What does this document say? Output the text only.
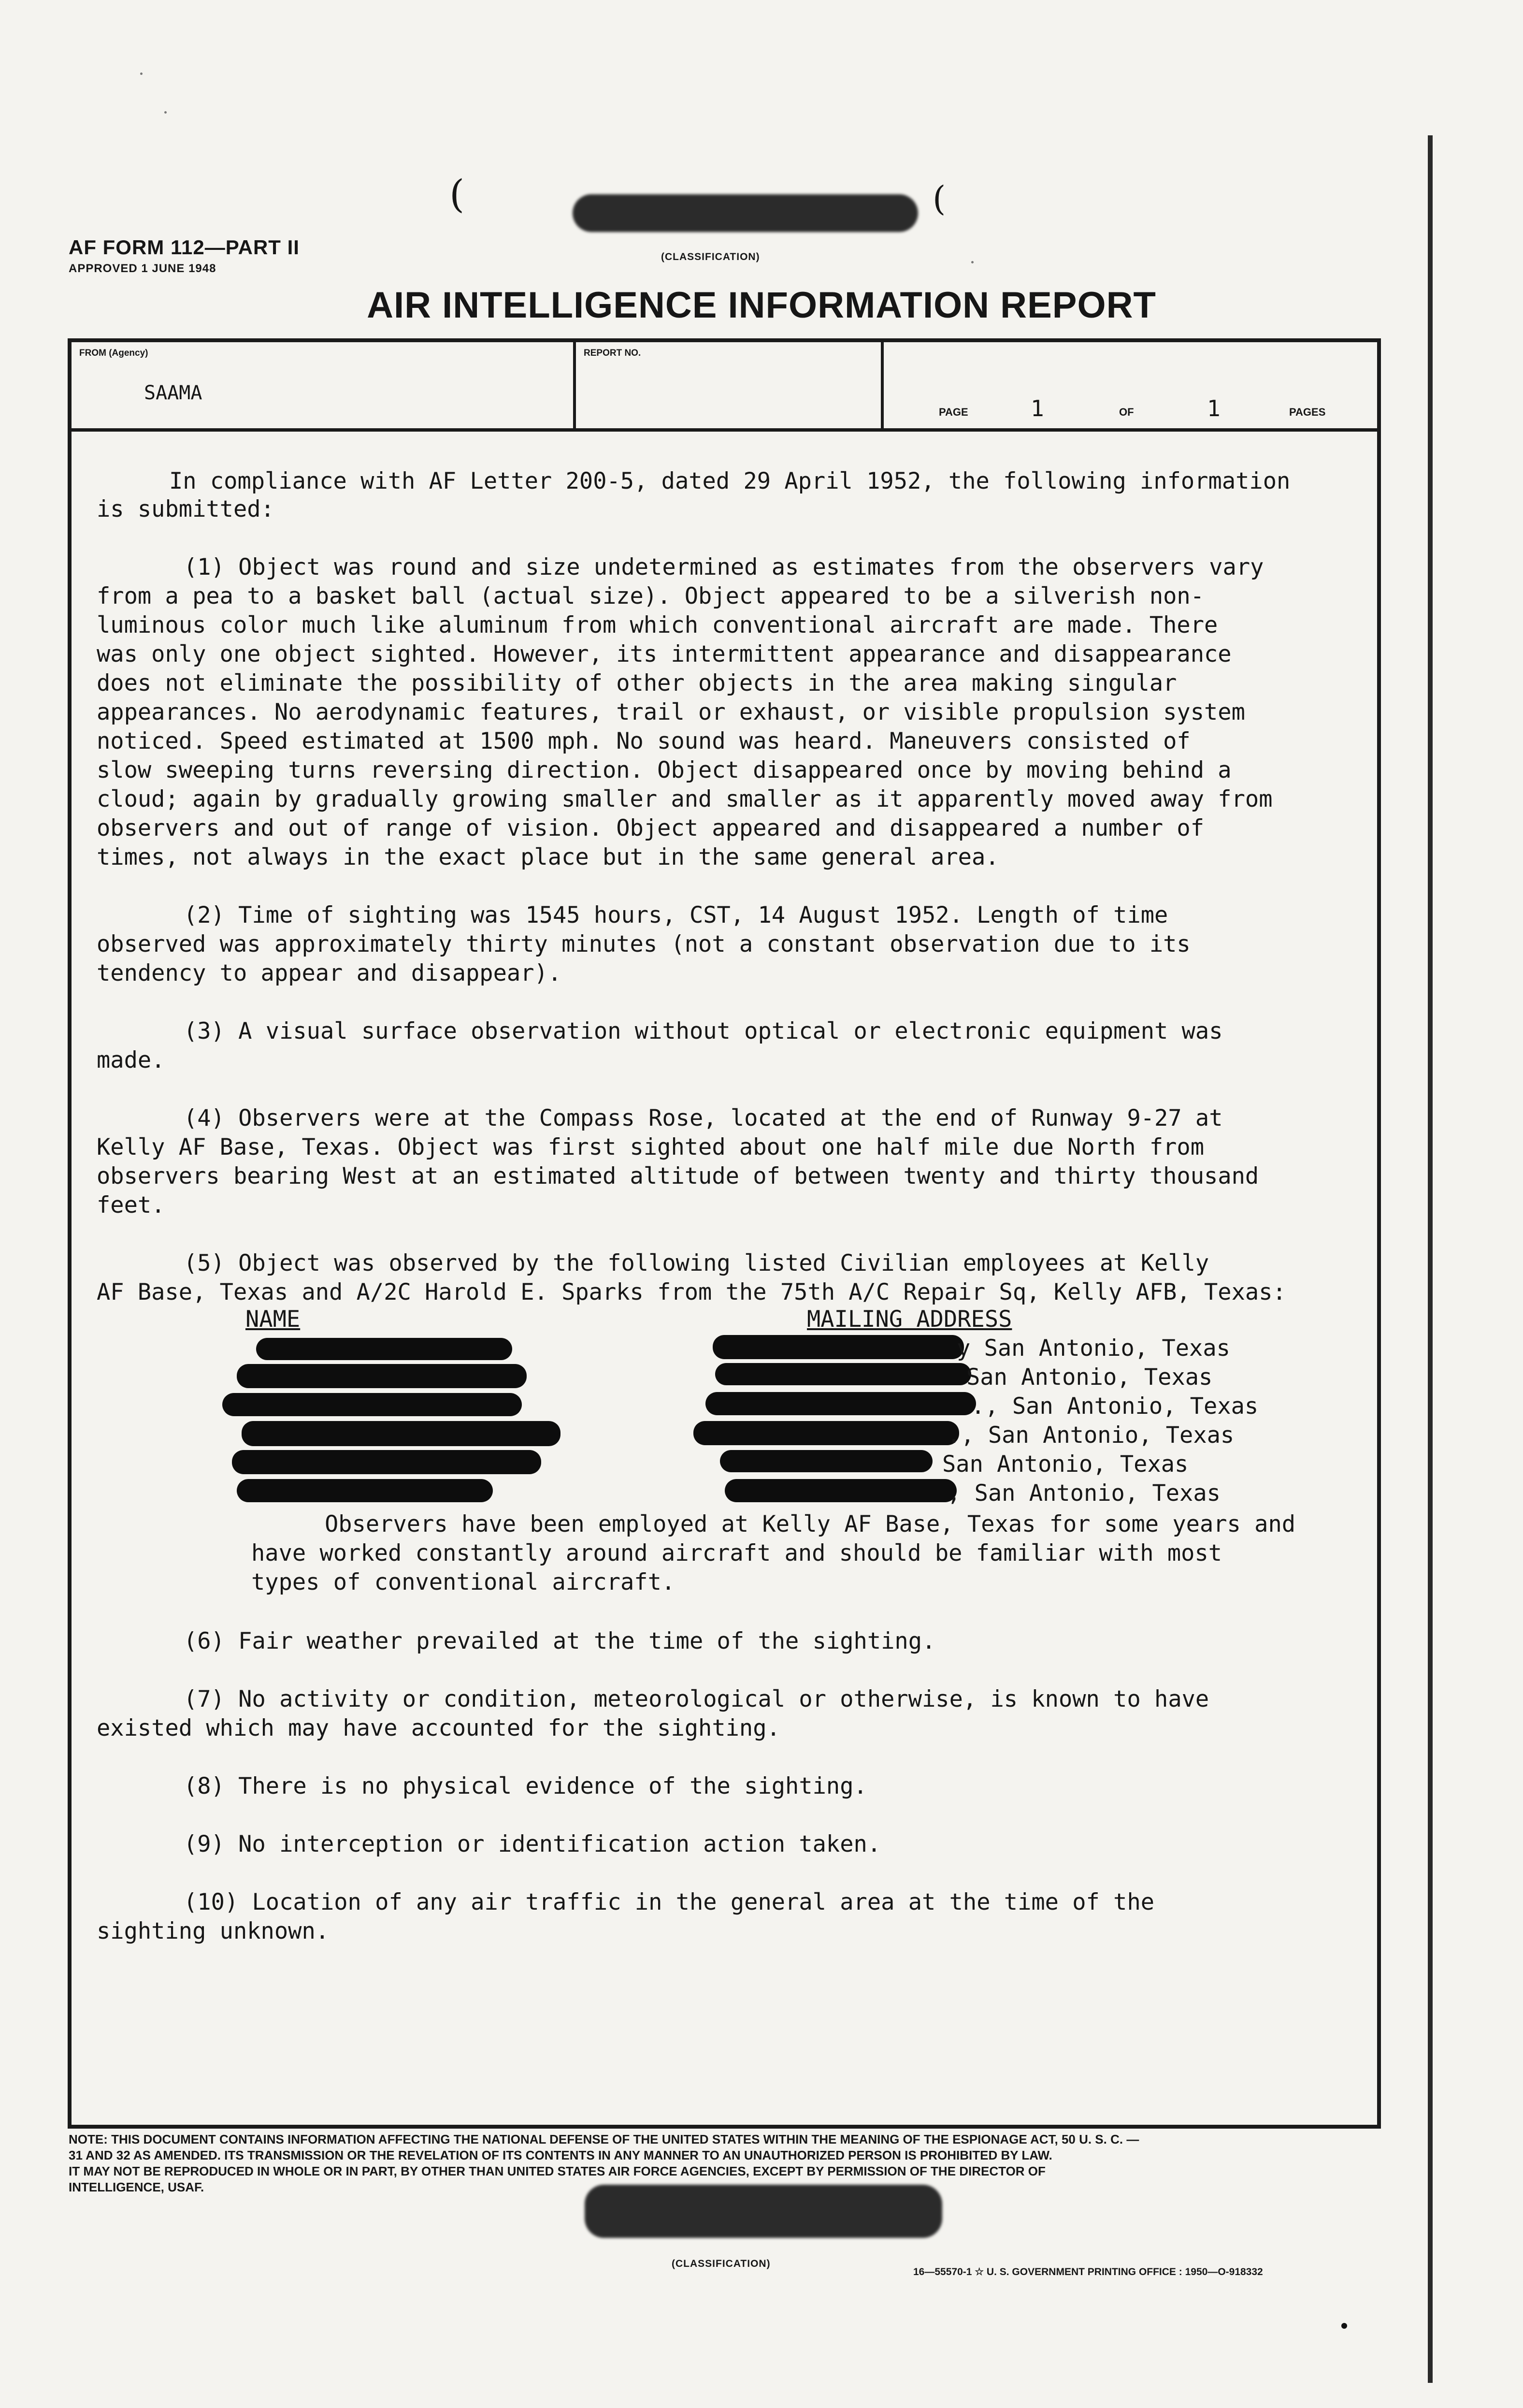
AF FORM 112—PART II
APPROVED 1 JUNE 1948
(	(
(CLASSIFICATION)
AIR INTELLIGENCE INFORMATION REPORT
FROM (Agency)
SAAMA
REPORT NO.
PAGE	1	OF	1	PAGES
In compliance with AF Letter 200-5, dated 29 April 1952, the following information
is submitted:
(1) Object was round and size undetermined as estimates from the observers vary
from a pea to a basket ball (actual size). Object appeared to be a silverish non-
luminous color much like aluminum from which conventional aircraft are made. There
was only one object sighted. However, its intermittent appearance and disappearance
does not eliminate the possibility of other objects in the area making singular
appearances. No aerodynamic features, trail or exhaust, or visible propulsion system
noticed. Speed estimated at 1500 mph. No sound was heard. Maneuvers consisted of
slow sweeping turns reversing direction. Object disappeared once by moving behind a
cloud; again by gradually growing smaller and smaller as it apparently moved away from
observers and out of range of vision. Object appeared and disappeared a number of
times, not always in the exact place but in the same general area.
(2) Time of sighting was 1545 hours, CST, 14 August 1952. Length of time
observed was approximately thirty minutes (not a constant observation due to its
tendency to appear and disappear).
(3) A visual surface observation without optical or electronic equipment was
made.
(4) Observers were at the Compass Rose, located at the end of Runway 9-27 at
Kelly AF Base, Texas. Object was first sighted about one half mile due North from
observers bearing West at an estimated altitude of between twenty and thirty thousand
feet.
(5) Object was observed by the following listed Civilian employees at Kelly
AF Base, Texas and A/2C Harold E. Sparks from the 75th A/C Repair Sq, Kelly AFB, Texas:
NAME	MAILING ADDRESS
y San Antonio, Texas
San Antonio, Texas
., San Antonio, Texas
., San Antonio, Texas
San Antonio, Texas
, San Antonio, Texas
Observers have been employed at Kelly AF Base, Texas for some years and
have worked constantly around aircraft and should be familiar with most
types of conventional aircraft.
(6) Fair weather prevailed at the time of the sighting.
(7) No activity or condition, meteorological or otherwise, is known to have
existed which may have accounted for the sighting.
(8) There is no physical evidence of the sighting.
(9) No interception or identification action taken.
(10) Location of any air traffic in the general area at the time of the
sighting unknown.
NOTE: THIS DOCUMENT CONTAINS INFORMATION AFFECTING THE NATIONAL DEFENSE OF THE UNITED STATES WITHIN THE MEANING OF THE ESPIONAGE ACT, 50 U. S. C. —
31 AND 32 AS AMENDED. ITS TRANSMISSION OR THE REVELATION OF ITS CONTENTS IN ANY MANNER TO AN UNAUTHORIZED PERSON IS PROHIBITED BY LAW.
IT MAY NOT BE REPRODUCED IN WHOLE OR IN PART, BY OTHER THAN UNITED STATES AIR FORCE AGENCIES, EXCEPT BY PERMISSION OF THE DIRECTOR OF
INTELLIGENCE, USAF.
(CLASSIFICATION)
16—55570-1 ☆ U. S. GOVERNMENT PRINTING OFFICE : 1950—O-918332
